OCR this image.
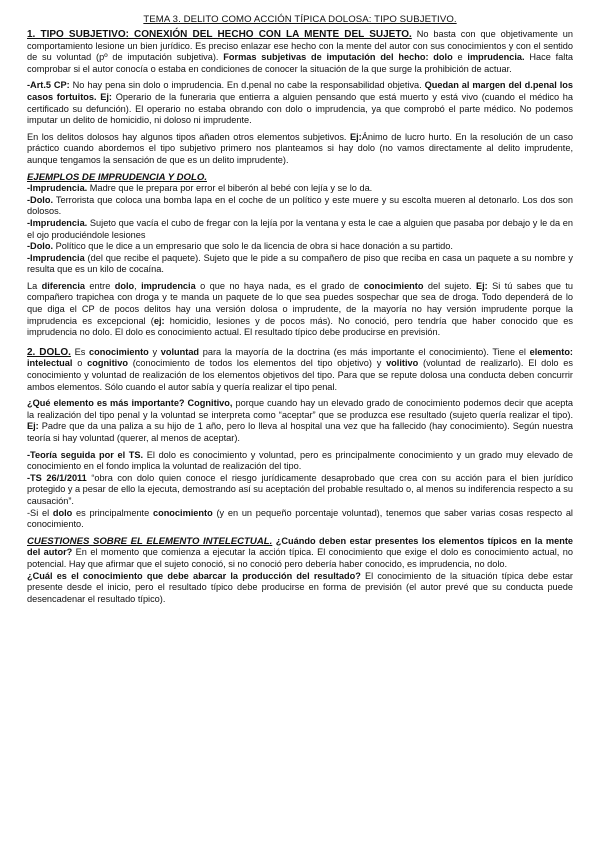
TEMA 3. DELITO COMO ACCIÓN TÍPICA DOLOSA: TIPO SUBJETIVO.

1. TIPO SUBJETIVO: CONEXIÓN DEL HECHO CON LA MENTE DEL SUJETO. No basta con que objetivamente un comportamiento lesione un bien jurídico. Es preciso enlazar ese hecho con la mente del autor con sus conocimientos y con el sentido de su voluntad (pº de imputación subjetiva). Formas subjetivas de imputación del hecho: dolo e imprudencia. Hace falta comprobar si el autor conocía o estaba en condiciones de conocer la situación de la que surge la prohibición de actuar.

-Art.5 CP: No hay pena sin dolo o imprudencia. En d.penal no cabe la responsabilidad objetiva. Quedan al margen del d.penal los casos fortuitos. Ej: Operario de la funeraria que entierra a alguien pensando que está muerto y está vivo (cuando el médico ha certificado su defunción). El operario no estaba obrando con dolo o imprudencia, ya que comprobó el parte médico. No podemos imputar un delito de homicidio, ni doloso ni imprudente.

En los delitos dolosos hay algunos tipos añaden otros elementos subjetivos. Ej:Ánimo de lucro hurto. En la resolución de un caso práctico cuando abordemos el tipo subjetivo primero nos planteamos si hay dolo (no vamos directamente al delito imprudente, aunque tengamos la sensación de que es un delito imprudente).

EJEMPLOS DE IMPRUDENCIA Y DOLO.

-Imprudencia. Madre que le prepara por error el biberón al bebé con lejía y se lo da.

-Dolo. Terrorista que coloca una bomba lapa en el coche de un político y este muere y su escolta mueren al detonarlo. Los dos son dolosos.

-Imprudencia. Sujeto que vacía el cubo de fregar con la lejía por la ventana y esta le cae a alguien que pasaba por debajo y le da en el ojo produciéndole lesiones

-Dolo. Político que le dice a un empresario que solo le da licencia de obra si hace donación a su partido.

-Imprudencia (del que recibe el paquete). Sujeto que le pide a su compañero de piso que reciba en casa un paquete a su nombre y resulta que es un kilo de cocaína.

La diferencia entre dolo, imprudencia o que no haya nada, es el grado de conocimiento del sujeto. Ej: Si tú sabes que tu compañero trapichea con droga y te manda un paquete de lo que sea puedes sospechar que sea de droga. Todo dependerá de lo que diga el CP de pocos delitos hay una versión dolosa o imprudente, de la mayoría no hay versión imprudente porque la imprudencia es excepcional (ej: homicidio, lesiones y de pocos más). No conoció, pero tendría que haber conocido que es imprudencia no dolo. El dolo es conocimiento actual. El resultado típico debe producirse en previsión.

2. DOLO. Es conocimiento y voluntad para la mayoría de la doctrina (es más importante el conocimiento). Tiene el elemento: intelectual o cognitivo (conocimiento de todos los elementos del tipo objetivo) y volitivo (voluntad de realizarlo). El dolo es conocimiento y voluntad de realización de los elementos objetivos del tipo. Para que se repute dolosa una conducta deben concurrir ambos elementos. Sólo cuando el autor sabía y quería realizar el tipo penal.

¿Qué elemento es más importante? Cognitivo, porque cuando hay un elevado grado de conocimiento podemos decir que acepta la realización del tipo penal y la voluntad se interpreta como “aceptar” que se produzca ese resultado (sujeto quería realizar el tipo). Ej: Padre que da una paliza a su hijo de 1 año, pero lo lleva al hospital una vez que ha fallecido (hay conocimiento). Según nuestra teoría si hay voluntad (querer, al menos de aceptar).

-Teoría seguida por el TS. El dolo es conocimiento y voluntad, pero es principalmente conocimiento y un grado muy elevado de conocimiento en el fondo implica la voluntad de realización del tipo.

-TS 26/1/2011 “obra con dolo quien conoce el riesgo jurídicamente desaprobado que crea con su acción para el bien jurídico protegido y a pesar de ello la ejecuta, demostrando así su aceptación del probable resultado o, al menos su indiferencia respecto a su causación”.

-Si el dolo es principalmente conocimiento (y en un pequeño porcentaje voluntad), tenemos que saber varias cosas respecto al conocimiento.

CUESTIONES SOBRE EL ELEMENTO INTELECTUAL. ¿Cuándo deben estar presentes los elementos típicos en la mente del autor? En el momento que comienza a ejecutar la acción típica. El conocimiento que exige el dolo es conocimiento actual, no potencial. Hay que afirmar que el sujeto conoció, si no conoció pero debería haber conocido, es imprudencia, no dolo.

¿Cuál es el conocimiento que debe abarcar la producción del resultado? El conocimiento de la situación típica debe estar presente desde el inicio, pero el resultado típico debe producirse en forma de previsión (el autor prevé que su conducta puede desencadenar el resultado típico).
